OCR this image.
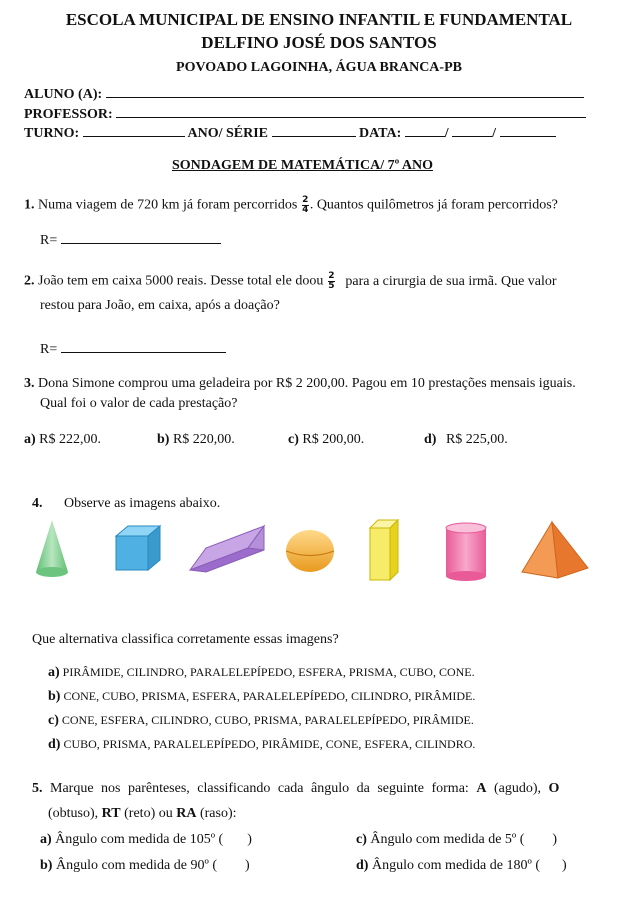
ESCOLA MUNICIPAL DE ENSINO INFANTIL E FUNDAMENTAL
DELFINO JOSÉ DOS SANTOS
POVOADO LAGOINHA, ÁGUA BRANCA-PB
ALUNO (A):
PROFESSOR:
TURNO:	ANO/ SÉRIE	DATA:	/	/
SONDAGEM DE MATEMÁTICA/ 7º ANO
1. Numa viagem de 720 km já foram percorridos $\frac{2}{4}$ . Quantos quilômetros já foram percorridos?
R=
2. João tem em caixa 5000 reais. Desse total ele doou $\frac{2}{5}$ para a cirurgia de sua irmã. Que valor
restou para João, em caixa, após a doação?
R=
3. Dona Simone comprou uma geladeira por R$ 2 200,00. Pagou em 10 prestações mensais iguais.
Qual foi o valor de cada prestação?
a) R$ 222,00.	b) R$ 220,00.	c) R$ 200,00.	d) R$ 225,00.
4. Observe as imagens abaixo.
Que alternativa classifica corretamente essas imagens?
a) PIRÂMIDE, CILINDRO, PARALELEPÍPEDO, ESFERA, PRISMA, CUBO, CONE.
b) CONE, CUBO, PRISMA, ESFERA, PARALELEPÍPEDO, CILINDRO, PIRÂMIDE.
c) CONE, ESFERA, CILINDRO, CUBO, PRISMA, PARALELEPÍPEDO, PIRÂMIDE.
d) CUBO, PRISMA, PARALELEPÍPEDO, PIRÂMIDE, CONE, ESFERA, CILINDRO.
5. Marque nos parênteses, classificando cada ângulo da seguinte forma: A (agudo), O
(obtuso), RT (reto) ou RA (raso):
a) Ângulo com medida de 105º ( )	c) Ângulo com medida de 5º ( )
b) Ângulo com medida de 90º ( )	d) Ângulo com medida de 180º ( )
